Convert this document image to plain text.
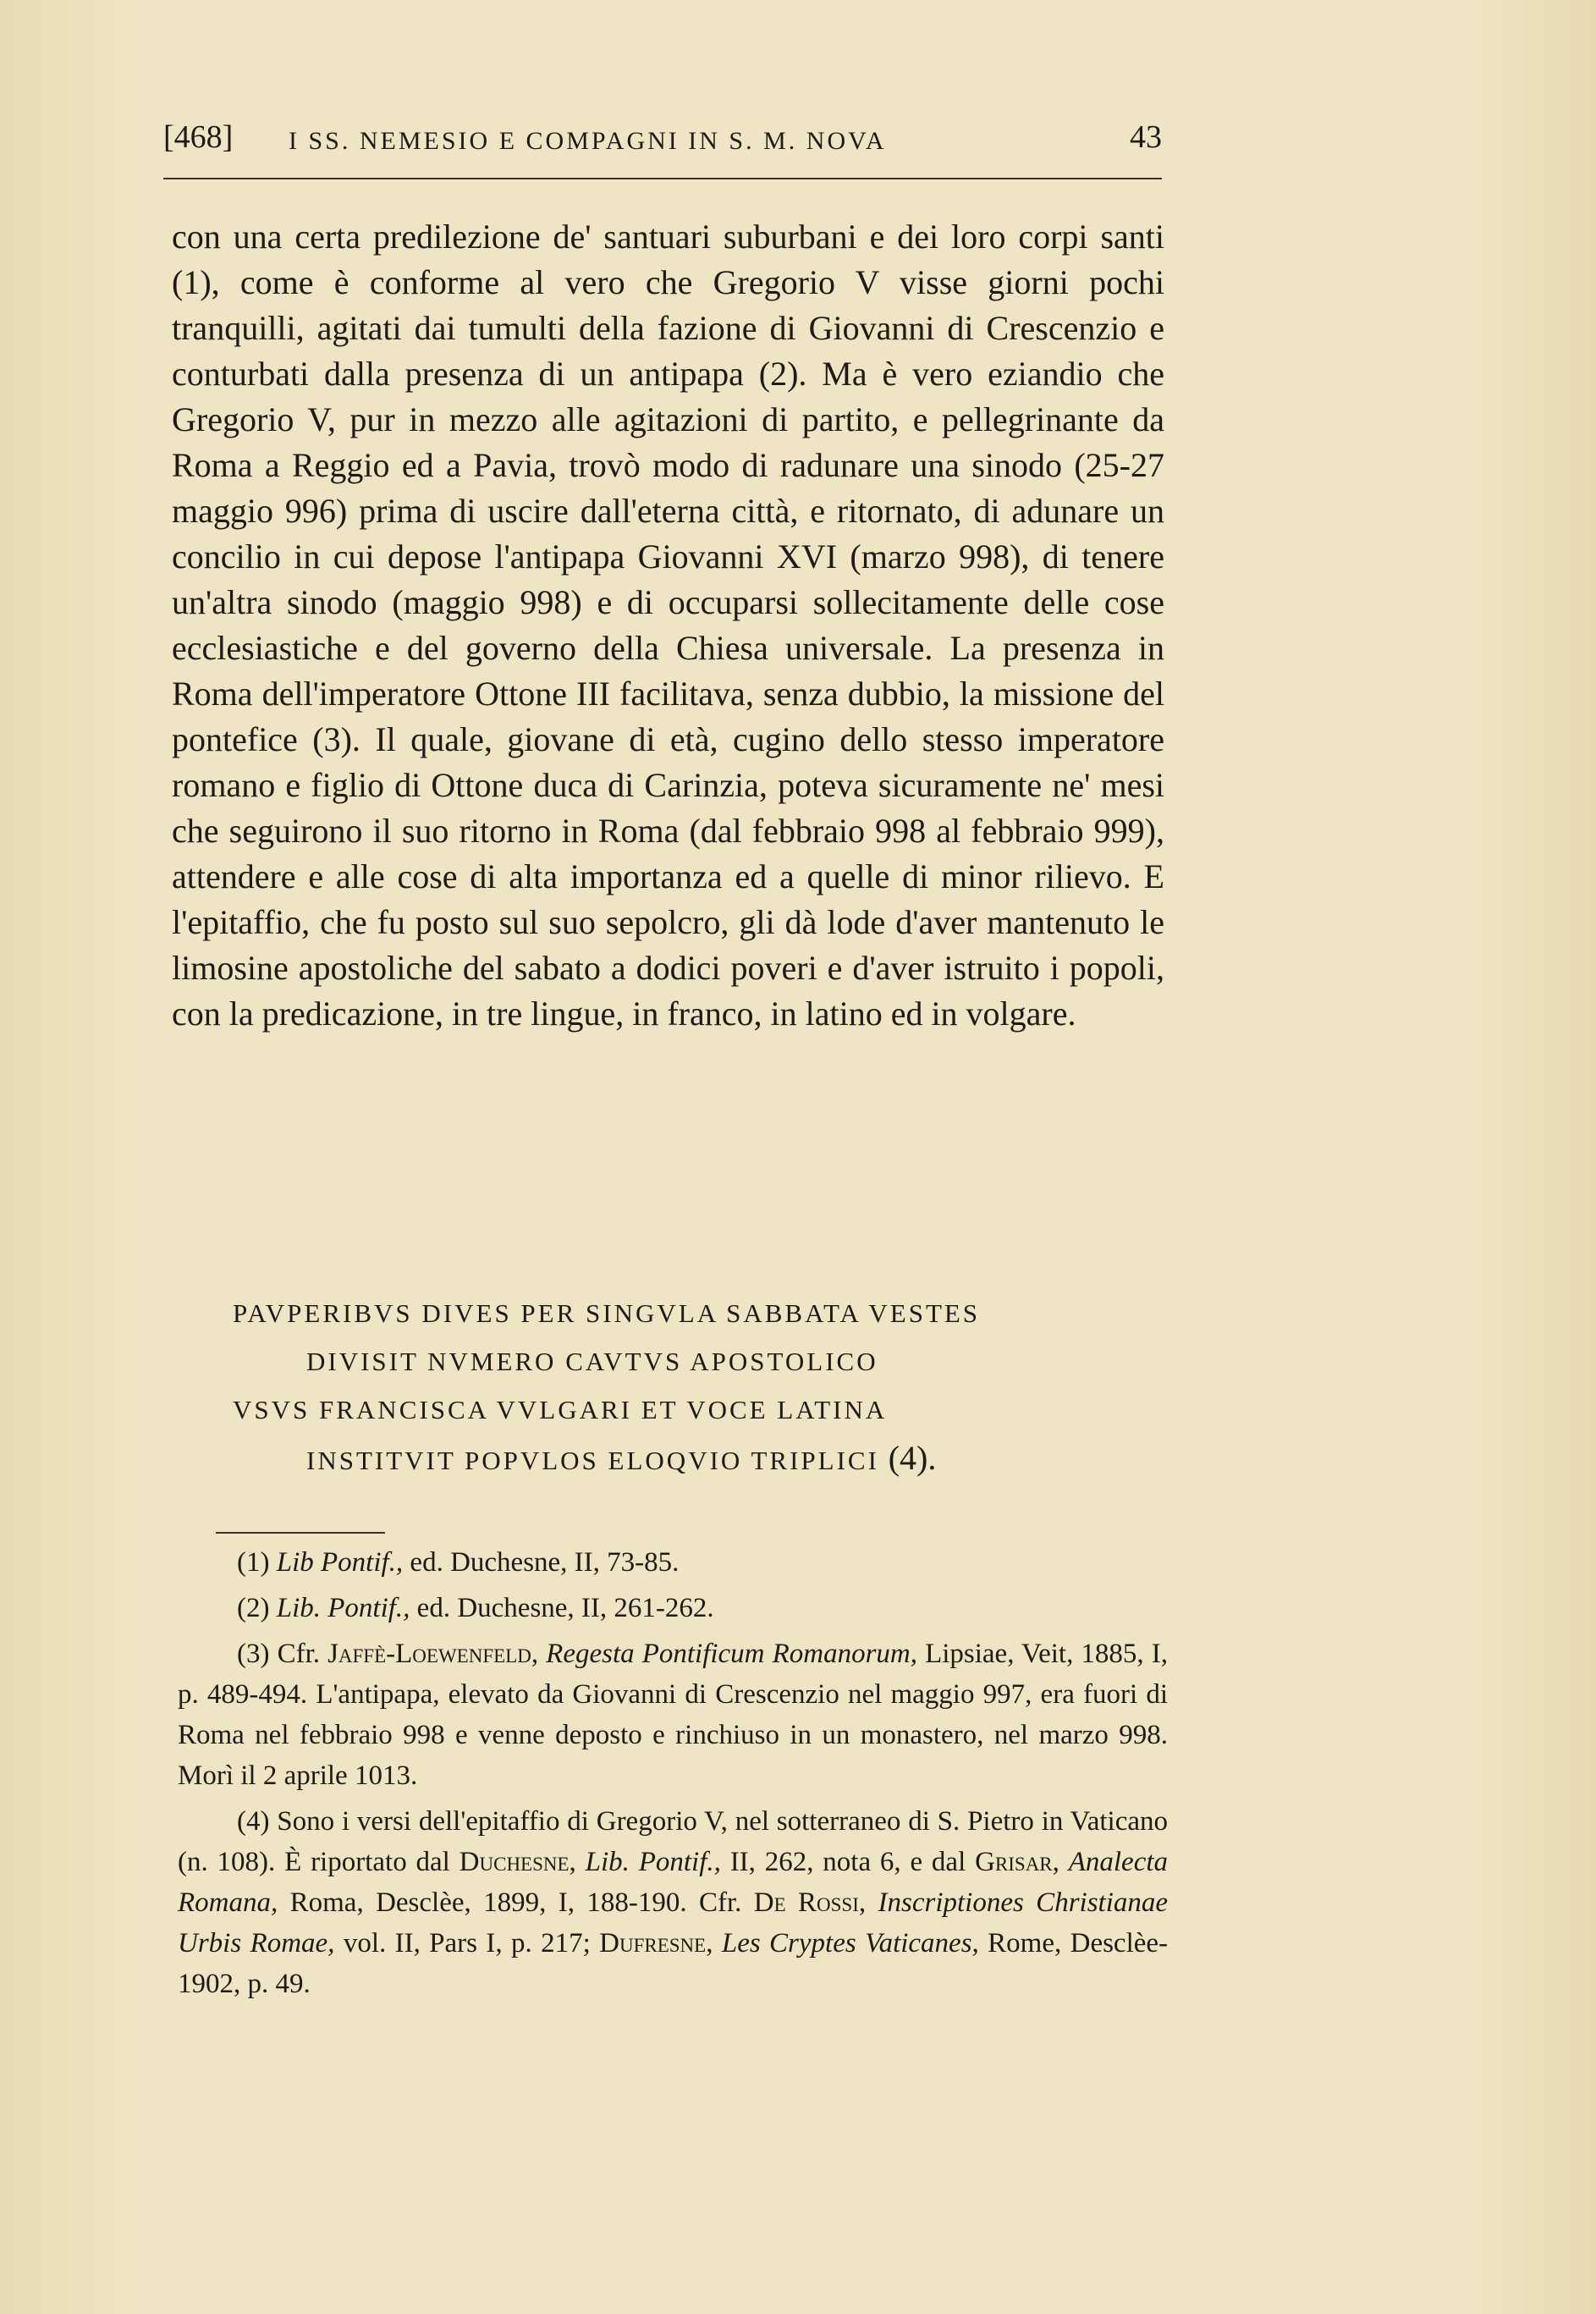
[468] I SS. NEMESIO E COMPAGNI IN S. M. NOVA	43
con una certa predilezione de' santuari suburbani e dei loro corpi santi (1), come è conforme al vero che Gregorio V visse giorni pochi tranquilli, agitati dai tumulti della fazione di Giovanni di Crescenzio e conturbati dalla presenza di un antipapa (2). Ma è vero eziandio che Gregorio V, pur in mezzo alle agitazioni di partito, e pellegrinante da Roma a Reggio ed a Pavia, trovò modo di radunare una sinodo (25-27 maggio 996) prima di uscire dall'eterna città, e ritornato, di adunare un concilio in cui depose l'antipapa Giovanni XVI (marzo 998), di tenere un'altra sinodo (maggio 998) e di occuparsi sollecitamente delle cose ecclesiastiche e del governo della Chiesa universale. La presenza in Roma dell'imperatore Ottone III facilitava, senza dubbio, la missione del pontefice (3). Il quale, giovane di età, cugino dello stesso imperatore romano e figlio di Ottone duca di Carinzia, poteva sicuramente ne' mesi che seguirono il suo ritorno in Roma (dal febbraio 998 al febbraio 999), attendere e alle cose di alta importanza ed a quelle di minor rilievo. E l'epitaffio, che fu posto sul suo sepolcro, gli dà lode d'aver mantenuto le limosine apostoliche del sabato a dodici poveri e d'aver istruito i popoli, con la predicazione, in tre lingue, in franco, in latino ed in volgare.
PAVPERIBVS DIVES PER SINGVLA SABBATA VESTES
DIVISIT NVMERO CAVTVS APOSTOLICO
VSVS FRANCISCA VVLGARI ET VOCE LATINA
INSTITVIT POPVLOS ELOQVIO TRIPLICI (4).

(1) Lib Pontif., ed. Duchesne, II, 73-85.

(2) Lib. Pontif., ed. Duchesne, II, 261-262.

(3) Cfr. Jaffè-Loewenfeld, Regesta Pontificum Romanorum, Lipsiae, Veit, 1885, I, p. 489-494. L'antipapa, elevato da Giovanni di Crescenzio nel maggio 997, era fuori di Roma nel febbraio 998 e venne deposto e rinchiuso in un monastero, nel marzo 998. Morì il 2 aprile 1013.

(4) Sono i versi dell'epitaffio di Gregorio V, nel sotterraneo di S. Pietro in Vaticano (n. 108). È riportato dal Duchesne, Lib. Pontif., II, 262, nota 6, e dal Grisar, Analecta Romana, Roma, Desclèe, 1899, I, 188-190. Cfr. De Rossi, Inscriptiones Christianae Urbis Romae, vol. II, Pars I, p. 217; Dufresne, Les Cryptes Vaticanes, Rome, Desclèe- 1902, p. 49.
